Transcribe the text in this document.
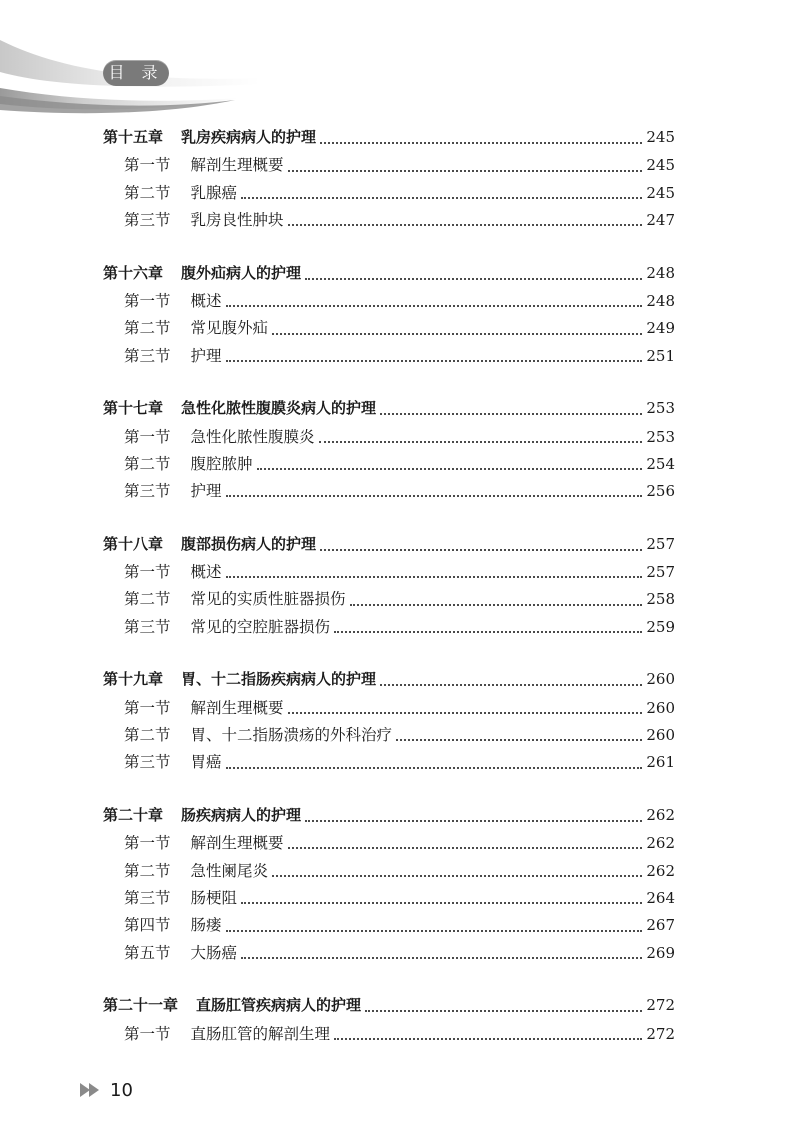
目 录
第十五章 乳房疾病病人的护理	245
第一节 解剖生理概要	245
第二节 乳腺癌	245
第三节 乳房良性肿块	247
第十六章 腹外疝病人的护理	248
第一节 概述	248
第二节 常见腹外疝	249
第三节 护理	251
第十七章 急性化脓性腹膜炎病人的护理	253
第一节 急性化脓性腹膜炎	253
第二节 腹腔脓肿	254
第三节 护理	256
第十八章 腹部损伤病人的护理	257
第一节 概述	257
第二节 常见的实质性脏器损伤	258
第三节 常见的空腔脏器损伤	259
第十九章 胃、十二指肠疾病病人的护理	260
第一节 解剖生理概要	260
第二节 胃、十二指肠溃疡的外科治疗	260
第三节 胃癌	261
第二十章 肠疾病病人的护理	262
第一节 解剖生理概要	262
第二节 急性阑尾炎	262
第三节 肠梗阻	264
第四节 肠瘘	267
第五节 大肠癌	269
第二十一章 直肠肛管疾病病人的护理	272
第一节 直肠肛管的解剖生理	272
10
